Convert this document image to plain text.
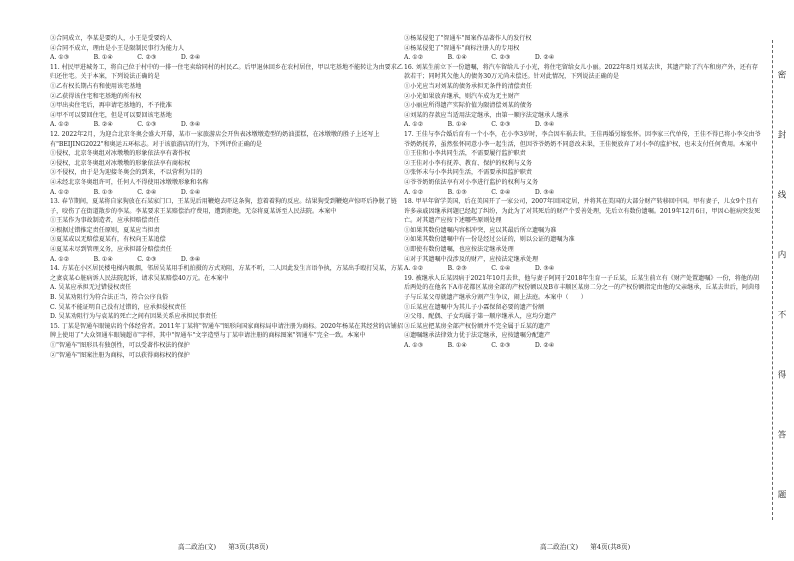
③合同成立，李某是要约人，小王是受要约人

④合同不成立，理由是小王是限制民事行为能力人

A. ①③　　　　B. ①④　　　　C. ②③　　　　D. ②④

11. 村民甲进城务工，将自己位于村中的一排一住宅卖给同村的村民乙。后甲退休回乡在农村居住，甲以宅基地不能转让为由要求乙归还住宅。关于本案，下列说法正确的是

①乙有权长期占有和使用该宅基地

②乙获得该住宅和宅基地的所有权

③甲出卖住宅后，再申请宅基地的，不予批准

④甲不可以要回住宅，但是可以要回该宅基地

A. ①②　　　　B. ②④　　　　C. ①③　　　　D. ③④

12. 2022年2月，为迎合北京冬奥会盛大开幕，某市一家旅游店会开售表冰墩墩造型的奶油蛋糕，在冰墩墩的胜子上还写上有"BEIJING2022"和奥运五环标志。对于该旅游店的行为，下列评价正确的是

①侵权，北京冬奥组对冰墩墩的形象依法享有著作权

②侵权，北京冬奥组对冰墩墩的形象依法享有商标权

③不侵权，由于是为迎接冬奥会的到来，不以营利为目的

④未经北京冬奥组许可，任何人不得使用冰墩墩形象和名称

A. ①②　　　　B. ①③　　　　C. ②④　　　　D. ①④

13. 春节期间，夏某将自家狗放在石某家门口，王某见后用鞭炮去吓这条狗，惹着着狗的反应。结果狗受到鞭炮声惊吓后挣脱了链子，咬伤了在街道散步的李某。李某要求王某赔偿治疗费用，遭到拒绝，无奈将夏某诉至人民法院。本案中

①王某作为事故制造者，应承担赔偿责任

②根据过错推定责任原则，夏某应当担责

③夏某或以无赔偿夏某有，有权向王某追偿

④夏某未尽到管理义务，应承担部分赔偿责任

A. ①②　　　　B. ①④　　　　C. ②③　　　　D. ③④

14. 方某在小区居民楼电梯内吸烟，邻居吴某用手机拍摄的方式劝阻，方某不听，二人因此发生言语争执，方某出手殴打吴某，方某之妻袁某心脏病诉人民法院起诉，请求吴某赔偿40万元。在本案中

A. 吴某应承担无过错侵权责任

B. 吴某劝阻行为符合法正当，符合公序良俗

C. 吴某不能证明自己没有过错的，应承担侵权责任

D. 吴某劝阻行为与袁某的死亡之间有因果关系应承担民事责任

15. 丁某是智通车眼镜店的个体经营者。2011年丁某将"智通车"图形向国家商标局申请注册为商标。2020年杨某在其经营的店铺招牌上使用了"大众智通车眼镜超市"字样，其中"智通车"文字造型与丁某申请注册的商标图案"智通车"完全一致。本案中

①"智通车"图形具有独创性，可以受著作权法的保护

②"智通车"图案注册为商标，可以获得商标权的保护

③杨某侵犯了"智通车"图案作品著作人的发行权

④杨某侵犯了"智通车"商标注册人的专用权

A. ①②　　　　B. ①④　　　　C. ②③　　　　D. ②④

16. 刘某生前立下一份遗嘱，将汽车留给儿子小光，将住宅留给女儿小丽。2022年8月刘某去世，其遗产除了汽车和房产外，还有存款若干；同时其欠他人的债务30万元尚未偿还。针对此情况，下列说法正确的是

①小光应当对刘某的债务承担无条件的清偿责任

②小光如果放弃继承，则汽车成为无主财产

③小丽应所得遗产实际价值为限清偿刘某的债务

④刘某的存款应当适用法定继承，由第一顺序法定继承人继承

A. ①②　　　　B. ①④　　　　C. ②③　　　　D. ③④

17. 王佳与李合婚后育有一个小李，在小李3岁时，李合因车祸去世。王佳再婚另嫁张怀。因李家三代单传，王佳不得已将小李交由爷爷奶奶抚养，虽然张怀同意小李一起生活，但因爷爷奶奶不同意改未果，王佳便放弃了对小李的监护权，也未支付任何费用。本案中

①王佳和小李共同生活，不需要履行监护职责

②王佳对小李有抚养、教育、保护的权利与义务

③张怀未与小李共同生活，不需要承担监护职责

④爷爷奶奶依法享有对小李进行监护的权利与义务

A. ①②　　　　B. ①③　　　　C. ②④　　　　D. ③④

18. 甲早年留学美国，后在美国开了一家公司，2007年回国定居，并将其在美国的大部分财产转移回中国。甲有妻子，儿女9个且有许多亲戚因继承问题已经起了纠纷，为此为了对其死后的财产个妥善处理，先后立有数份遗嘱。2019年12月6日，甲因心脏病突发死亡。对其遗产应按下述哪些原则处理

①如果其数份遗嘱内容相冲突，应以其最后所立遗嘱为准

②如果其数份遗嘱中有一份是经过公证的，则以公证的遗嘱为准

③即使有数份遗嘱，也应按法定继承处理

④对于其遗嘱中没涉及的财产，应按法定继承处理

A. ①②　　　　B. ②③　　　　C. ①④　　　　D. ③④

19. 被继承人丘某因病于2021年10月去世，他与妻子阿同于2018年生育一子丘某，丘某生前立有《财产处置遗嘱》一份，将他的胡后两处的在他名下A市花都区某房全部的产权份额以及B市丰顺区某房二分之一的产权份额指定由他的父亲继承，丘某去世后，阿茵母子与丘某父母就遗产继承分割产生争议，闹上法庭。本案中（　　）

①丘某应在遗嘱中为其儿子小霖保留必要的遗产份额

②父母、配偶、子女均属于第一顺序继承人，应均分遗产

③丘某应把某房全部产权份额并不完全属于丘某的遗产

④遗嘱继承法律效力优于法定继承，应按遗嘱分配遗产

A. ①③　　　　B. ①④　　　　C. ②③　　　　D. ②④

高二政治(文) 第3页(共8页)	高二政治(文) 第4页(共8页)
密
封
线
内
不
得
答
题
